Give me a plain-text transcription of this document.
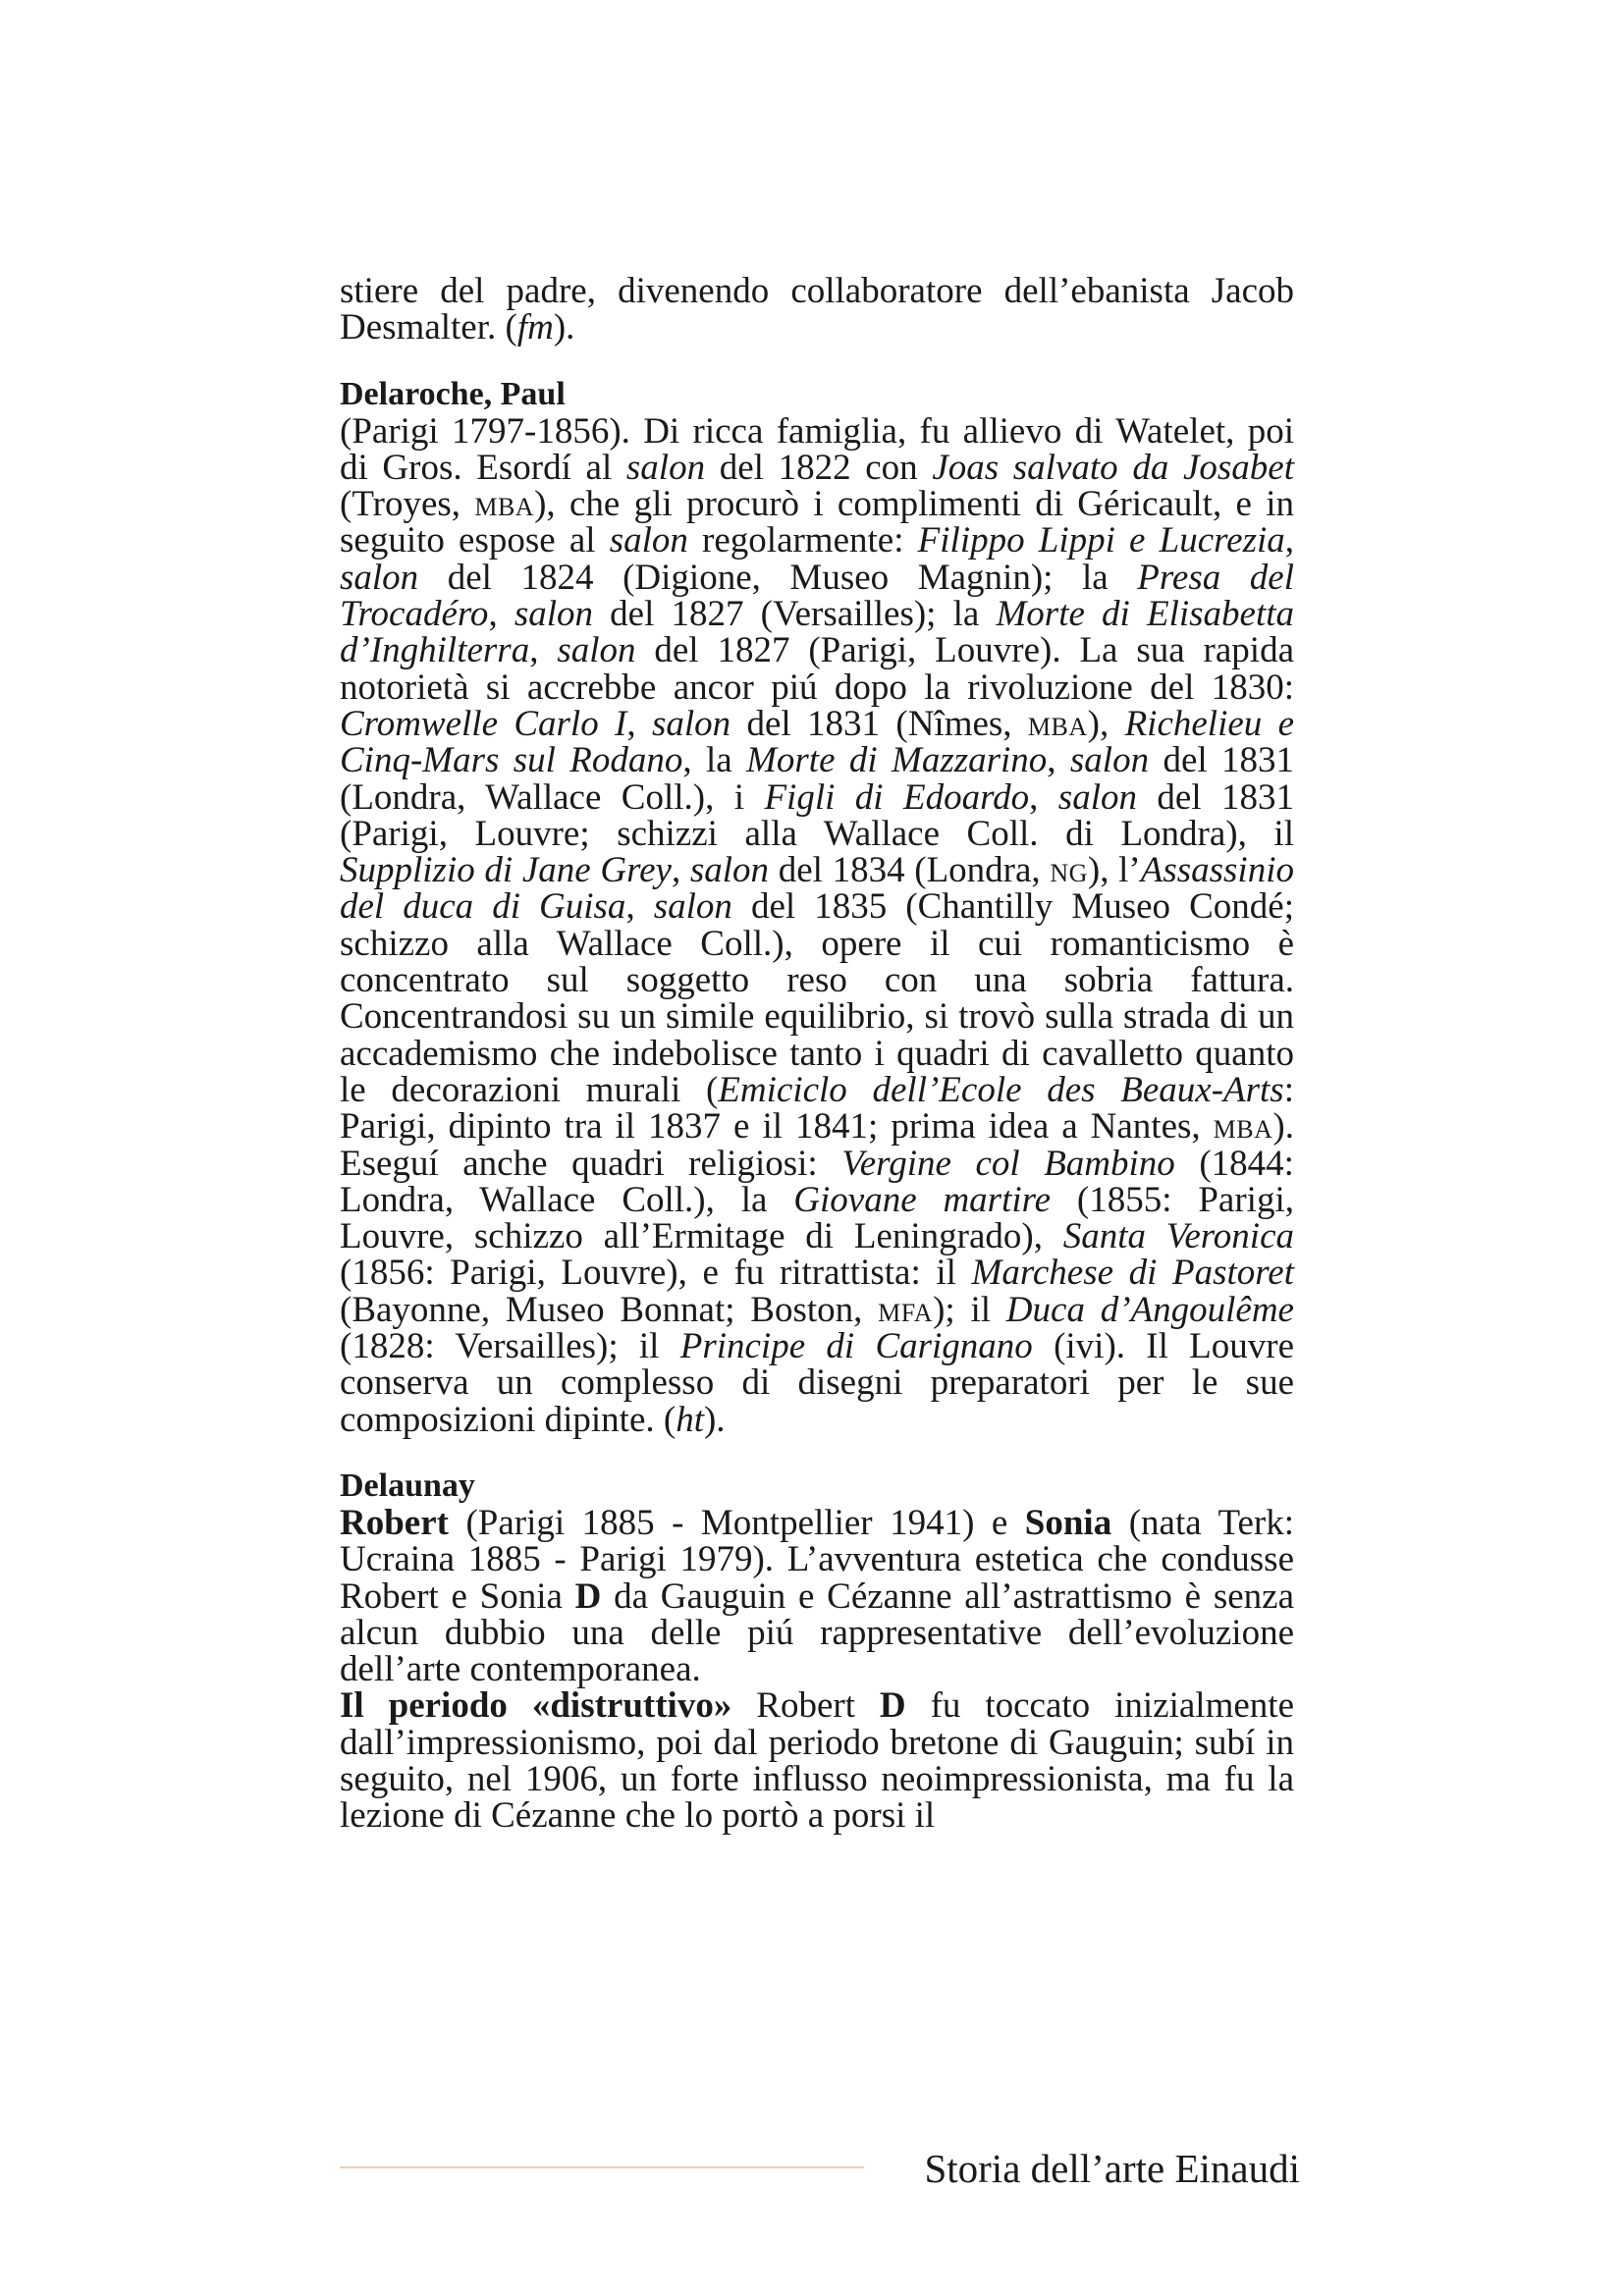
stiere del padre, divenendo collaboratore dell’ebanista Jacob Desmalter. (fm).

Delaroche, Paul

(Parigi 1797-1856). Di ricca famiglia, fu allievo di Watelet, poi di Gros. Esordí al salon del 1822 con Joas salvato da Josabet (Troyes, mba), che gli procurò i complimenti di Géricault, e in seguito espose al salon regolarmente: Filippo Lippi e Lucrezia, salon del 1824 (Digione, Museo Magnin); la Presa del Trocadéro, salon del 1827 (Versailles); la Morte di Elisabetta d’Inghilterra, salon del 1827 (Parigi, Louvre). La sua rapida notorietà si accrebbe ancor piú dopo la rivoluzione del 1830: Cromwelle Carlo I, salon del 1831 (Nîmes, mba), Richelieu e Cinq-Mars sul Rodano, la Morte di Mazzarino, salon del 1831 (Londra, Wallace Coll.), i Figli di Edoardo, salon del 1831 (Parigi, Louvre; schizzi alla Wallace Coll. di Londra), il Supplizio di Jane Grey, salon del 1834 (Londra, ng), l’Assassinio del duca di Guisa, salon del 1835 (Chantilly Museo Condé; schizzo alla Wallace Coll.), opere il cui romanticismo è concentrato sul soggetto reso con una sobria fattura. Concentrandosi su un simile equilibrio, si trovò sulla strada di un accademismo che indebolisce tanto i quadri di cavalletto quanto le decorazioni murali (Emiciclo dell’Ecole des Beaux-Arts: Parigi, dipinto tra il 1837 e il 1841; prima idea a Nantes, mba). Eseguí anche quadri religiosi: Vergine col Bambino (1844: Londra, Wallace Coll.), la Giovane martire (1855: Parigi, Louvre, schizzo all’Ermitage di Leningrado), Santa Veronica (1856: Parigi, Louvre), e fu ritrattista: il Marchese di Pastoret (Bayonne, Museo Bonnat; Boston, mfa); il Duca d’Angoulême (1828: Versailles); il Principe di Carignano (ivi). Il Louvre conserva un complesso di disegni preparatori per le sue composizioni dipinte. (ht).

Delaunay

Robert (Parigi 1885 - Montpellier 1941) e Sonia (nata Terk: Ucraina 1885 - Parigi 1979). L’avventura estetica che condusse Robert e Sonia D da Gauguin e Cézanne all’astrattismo è senza alcun dubbio una delle piú rappresentative dell’evoluzione dell’arte contemporanea.

Il periodo «distruttivo» Robert D fu toccato inizialmente dall’impressionismo, poi dal periodo bretone di Gauguin; subí in seguito, nel 1906, un forte influsso neoimpressionista, ma fu la lezione di Cézanne che lo portò a porsi il

Storia dell’arte Einaudi
